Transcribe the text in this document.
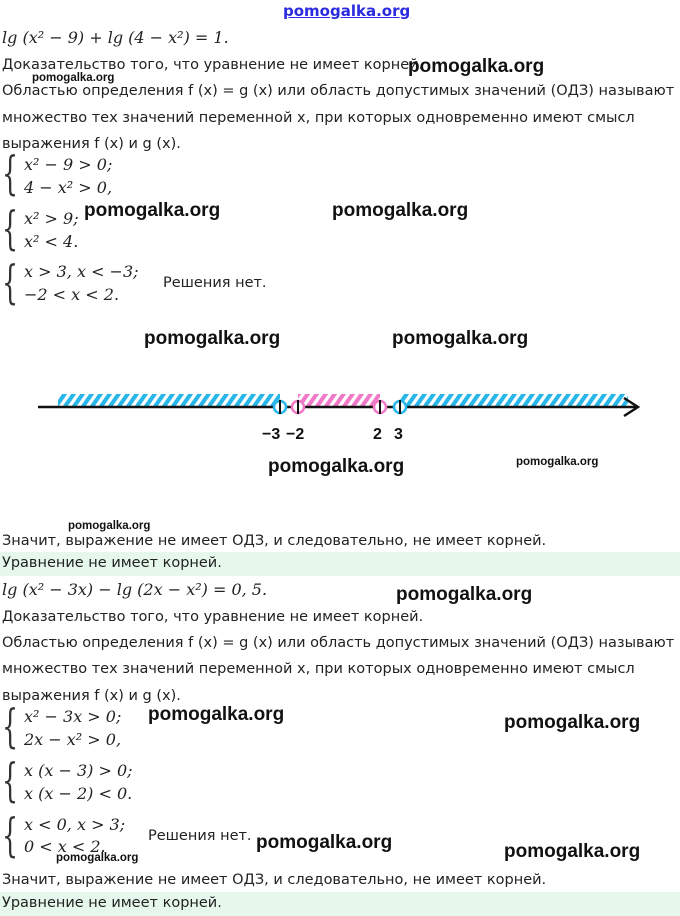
pomogalka.org
lg (x² − 9) + lg (4 − x²) = 1.
Доказательство того, что уравнение не имеет корней.
pomogalka.org
pomogalka.org
Областью определения f (x) = g (x) или область допустимых значений (ОДЗ) называют
множество тех значений переменной x, при которых одновременно имеют смысл
выражения f (x) и g (x).
{ x² − 9 > 0;
4 − x² > 0,
{ x² > 9;
x² < 4.
pomogalka.org	pomogalka.org
{ x > 3, x < −3;
−2 < x < 2.
Решения нет.
pomogalka.org	pomogalka.org
−3 −2	2 3
pomogalka.org	pomogalka.org
pomogalka.org
Значит, выражение не имеет ОДЗ, и следовательно, не имеет корней.
Уравнение не имеет корней.
lg (x² − 3x) − lg (2x − x²) = 0, 5.	pomogalka.org
Доказательство того, что уравнение не имеет корней.
Областью определения f (x) = g (x) или область допустимых значений (ОДЗ) называют
множество тех значений переменной x, при которых одновременно имеют смысл
выражения f (x) и g (x).
{ x² − 3x > 0;
2x − x² > 0,
pomogalka.org	pomogalka.org
{ x (x − 3) > 0;
x (x − 2) < 0.
{ x < 0, x > 3;
0 < x < 2.
Решения нет. pomogalka.org	pomogalka.org
pomogalka.org
Значит, выражение не имеет ОДЗ, и следовательно, не имеет корней.
Уравнение не имеет корней.
